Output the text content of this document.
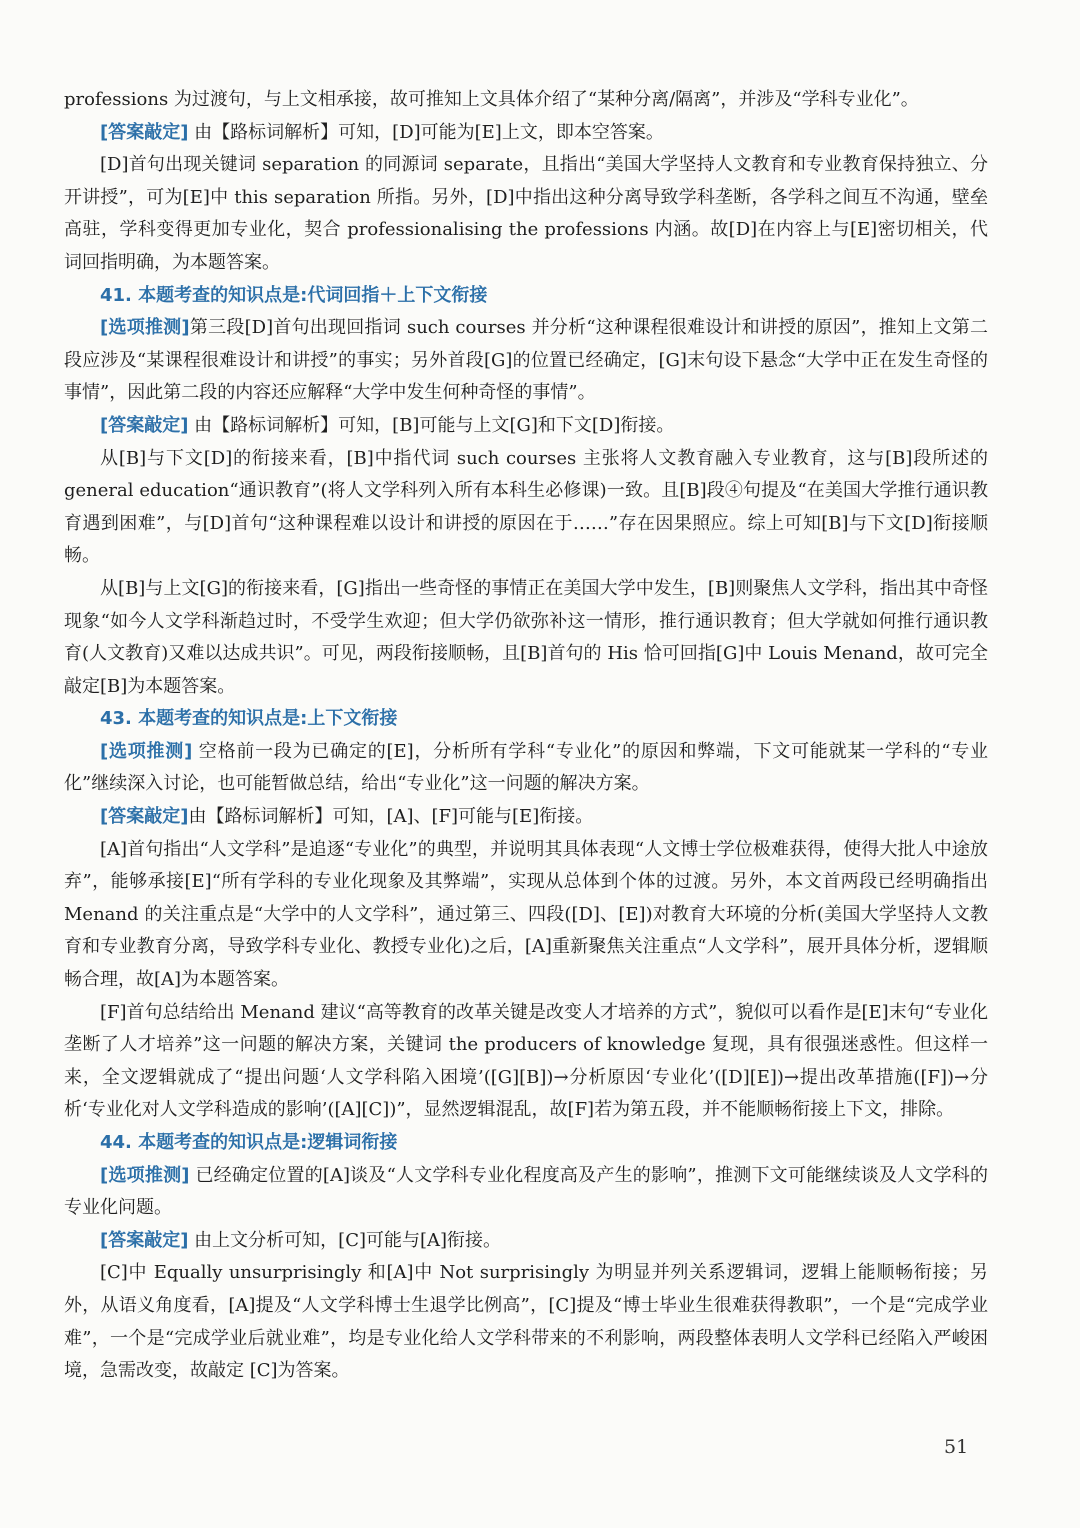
professions 为过渡句，与上文相承接，故可推知上文具体介绍了“某种分离/隔离”，并涉及“学科专业化”。

[答案敲定] 由【路标词解析】可知，[D]可能为[E]上文，即本空答案。

[D]首句出现关键词 separation 的同源词 separate，且指出“美国大学坚持人文教育和专业教育保持独立、分开讲授”，可为[E]中 this separation 所指。另外，[D]中指出这种分离导致学科垄断，各学科之间互不沟通，壁垒高驻，学科变得更加专业化，契合 professionalising the professions 内涵。故[D]在内容上与[E]密切相关，代词回指明确，为本题答案。

41. 本题考查的知识点是:代词回指＋上下文衔接

[选项推测]第三段[D]首句出现回指词 such courses 并分析“这种课程很难设计和讲授的原因”，推知上文第二段应涉及“某课程很难设计和讲授”的事实；另外首段[G]的位置已经确定，[G]末句设下悬念“大学中正在发生奇怪的事情”，因此第二段的内容还应解释“大学中发生何种奇怪的事情”。

[答案敲定] 由【路标词解析】可知，[B]可能与上文[G]和下文[D]衔接。

从[B]与下文[D]的衔接来看，[B]中指代词 such courses 主张将人文教育融入专业教育，这与[B]段所述的 general education“通识教育”(将人文学科列入所有本科生必修课)一致。且[B]段④句提及“在美国大学推行通识教育遇到困难”，与[D]首句“这种课程难以设计和讲授的原因在于……”存在因果照应。综上可知[B]与下文[D]衔接顺畅。

从[B]与上文[G]的衔接来看，[G]指出一些奇怪的事情正在美国大学中发生，[B]则聚焦人文学科，指出其中奇怪现象“如今人文学科渐趋过时，不受学生欢迎；但大学仍欲弥补这一情形，推行通识教育；但大学就如何推行通识教育(人文教育)又难以达成共识”。可见，两段衔接顺畅，且[B]首句的 His 恰可回指[G]中 Louis Menand，故可完全敲定[B]为本题答案。

43. 本题考查的知识点是:上下文衔接

[选项推测] 空格前一段为已确定的[E]，分析所有学科“专业化”的原因和弊端，下文可能就某一学科的“专业化”继续深入讨论，也可能暂做总结，给出“专业化”这一问题的解决方案。

[答案敲定]由【路标词解析】可知，[A]、[F]可能与[E]衔接。

[A]首句指出“人文学科”是追逐“专业化”的典型，并说明其具体表现“人文博士学位极难获得，使得大批人中途放弃”，能够承接[E]“所有学科的专业化现象及其弊端”，实现从总体到个体的过渡。另外，本文首两段已经明确指出 Menand 的关注重点是“大学中的人文学科”，通过第三、四段([D]、[E])对教育大环境的分析(美国大学坚持人文教育和专业教育分离，导致学科专业化、教授专业化)之后，[A]重新聚焦关注重点“人文学科”，展开具体分析，逻辑顺畅合理，故[A]为本题答案。

[F]首句总结给出 Menand 建议“高等教育的改革关键是改变人才培养的方式”，貌似可以看作是[E]末句“专业化垄断了人才培养”这一问题的解决方案，关键词 the producers of knowledge 复现，具有很强迷惑性。但这样一来，全文逻辑就成了“提出问题‘人文学科陷入困境’([G][B])→分析原因‘专业化’([D][E])→提出改革措施([F])→分析‘专业化对人文学科造成的影响’([A][C])”，显然逻辑混乱，故[F]若为第五段，并不能顺畅衔接上下文，排除。

44. 本题考查的知识点是:逻辑词衔接

[选项推测] 已经确定位置的[A]谈及“人文学科专业化程度高及产生的影响”，推测下文可能继续谈及人文学科的专业化问题。

[答案敲定] 由上文分析可知，[C]可能与[A]衔接。

[C]中 Equally unsurprisingly 和[A]中 Not surprisingly 为明显并列关系逻辑词，逻辑上能顺畅衔接；另外，从语义角度看，[A]提及“人文学科博士生退学比例高”，[C]提及“博士毕业生很难获得教职”，一个是“完成学业难”，一个是“完成学业后就业难”，均是专业化给人文学科带来的不利影响，两段整体表明人文学科已经陷入严峻困境，急需改变，故敲定 [C]为答案。

51
